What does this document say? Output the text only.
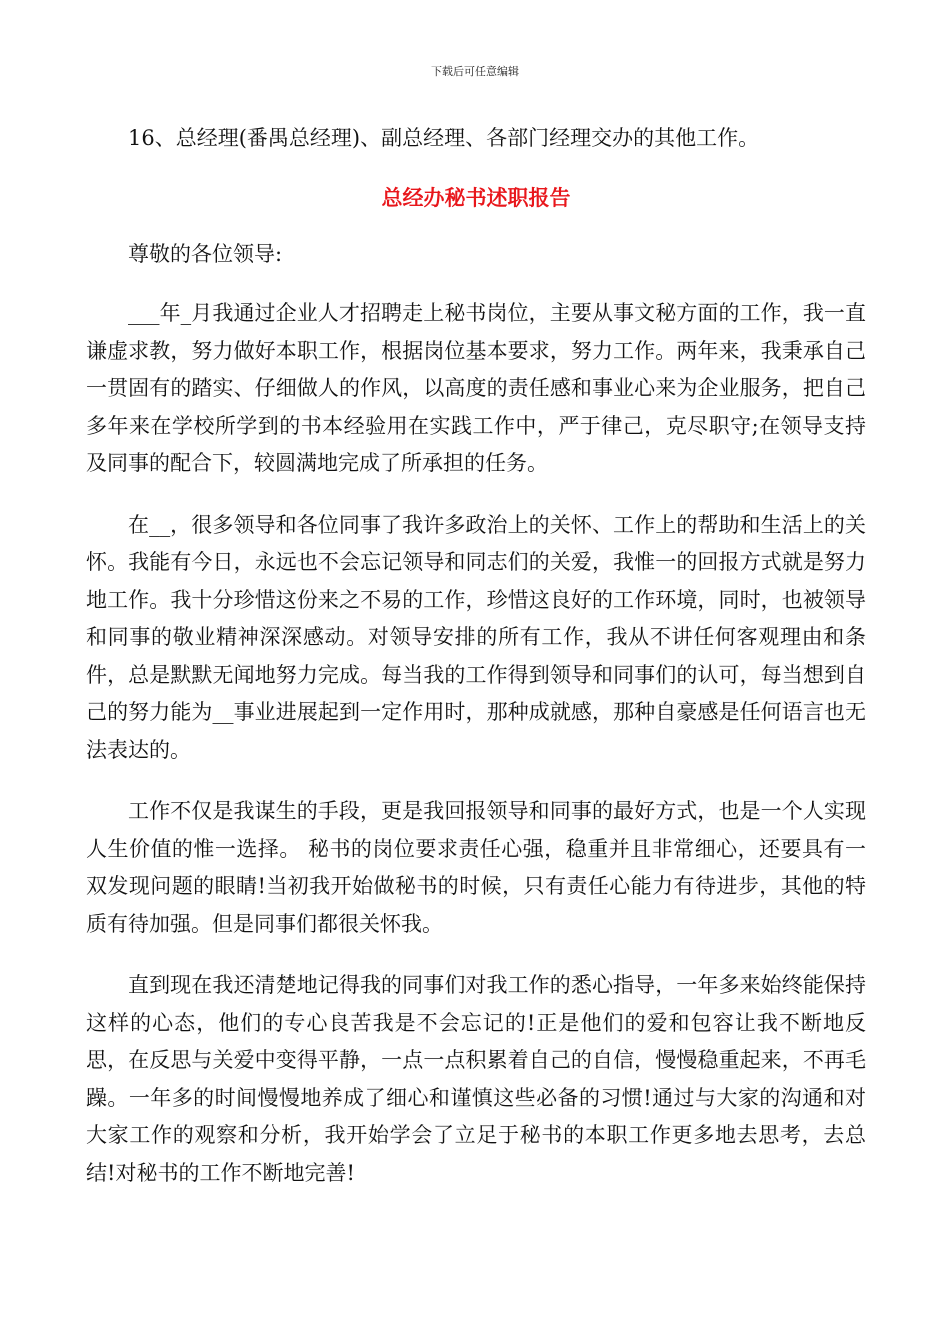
下载后可任意编辑

16、总经理(番禺总经理)、副总经理、各部门经理交办的其他工作。

总经办秘书述职报告

尊敬的各位领导:

___年_月我通过企业人才招聘走上秘书岗位，主要从事文秘方面的工作，我一直谦虚求教，努力做好本职工作，根据岗位基本要求，努力工作。两年来，我秉承自己一贯固有的踏实、仔细做人的作风，以高度的责任感和事业心来为企业服务，把自己多年来在学校所学到的书本经验用在实践工作中，严于律己，克尽职守;在领导支持及同事的配合下，较圆满地完成了所承担的任务。

在__，很多领导和各位同事了我许多政治上的关怀、工作上的帮助和生活上的关怀。我能有今日，永远也不会忘记领导和同志们的关爱，我惟一的回报方式就是努力地工作。我十分珍惜这份来之不易的工作，珍惜这良好的工作环境，同时，也被领导和同事的敬业精神深深感动。对领导安排的所有工作，我从不讲任何客观理由和条件，总是默默无闻地努力完成。每当我的工作得到领导和同事们的认可，每当想到自己的努力能为__事业进展起到一定作用时，那种成就感，那种自豪感是任何语言也无法表达的。

工作不仅是我谋生的手段，更是我回报领导和同事的最好方式，也是一个人实现人生价值的惟一选择。 秘书的岗位要求责任心强，稳重并且非常细心，还要具有一双发现问题的眼睛!当初我开始做秘书的时候，只有责任心能力有待进步，其他的特质有待加强。但是同事们都很关怀我。

直到现在我还清楚地记得我的同事们对我工作的悉心指导，一年多来始终能保持这样的心态，他们的专心良苦我是不会忘记的!正是他们的爱和包容让我不断地反思，在反思与关爱中变得平静，一点一点积累着自己的自信，慢慢稳重起来，不再毛躁。一年多的时间慢慢地养成了细心和谨慎这些必备的习惯!通过与大家的沟通和对大家工作的观察和分析，我开始学会了立足于秘书的本职工作更多地去思考，去总结!对秘书的工作不断地完善!
